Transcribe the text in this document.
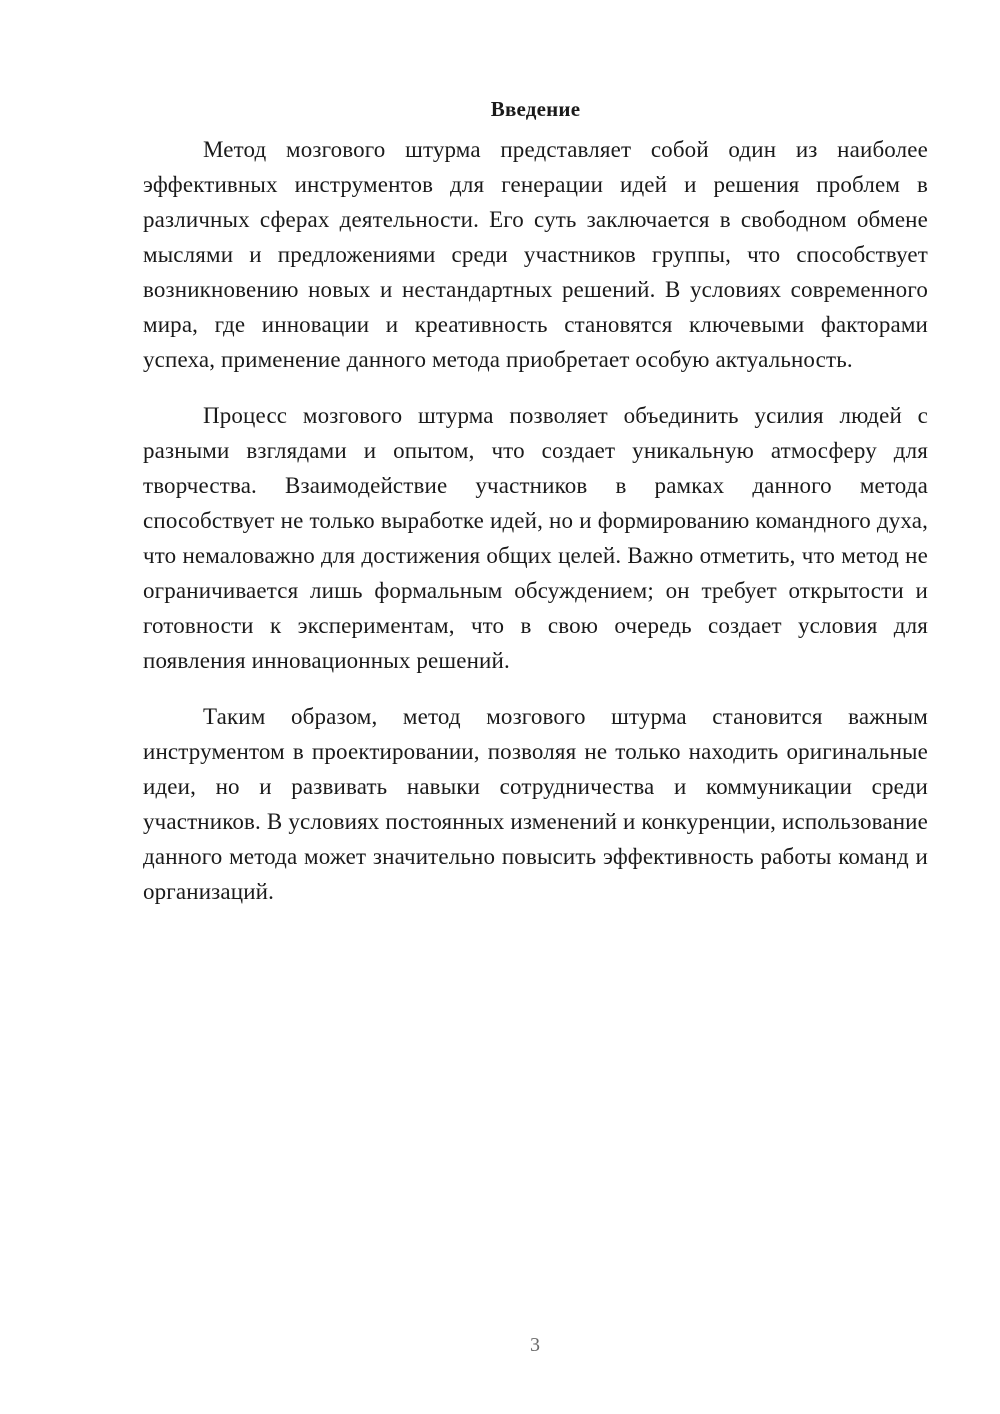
Введение

Метод мозгового штурма представляет собой один из наиболее эффективных инструментов для генерации идей и решения проблем в различных сферах деятельности. Его суть заключается в свободном обмене мыслями и предложениями среди участников группы, что способствует возникновению новых и нестандартных решений. В условиях современного мира, где инновации и креативность становятся ключевыми факторами успеха, применение данного метода приобретает особую актуальность.

Процесс мозгового штурма позволяет объединить усилия людей с разными взглядами и опытом, что создает уникальную атмосферу для творчества. Взаимодействие участников в рамках данного метода способствует не только выработке идей, но и формированию командного духа, что немаловажно для достижения общих целей. Важно отметить, что метод не ограничивается лишь формальным обсуждением; он требует открытости и готовности к экспериментам, что в свою очередь создает условия для появления инновационных решений.

Таким образом, метод мозгового штурма становится важным инструментом в проектировании, позволяя не только находить оригинальные идеи, но и развивать навыки сотрудничества и коммуникации среди участников. В условиях постоянных изменений и конкуренции, использование данного метода может значительно повысить эффективность работы команд и организаций.

3
